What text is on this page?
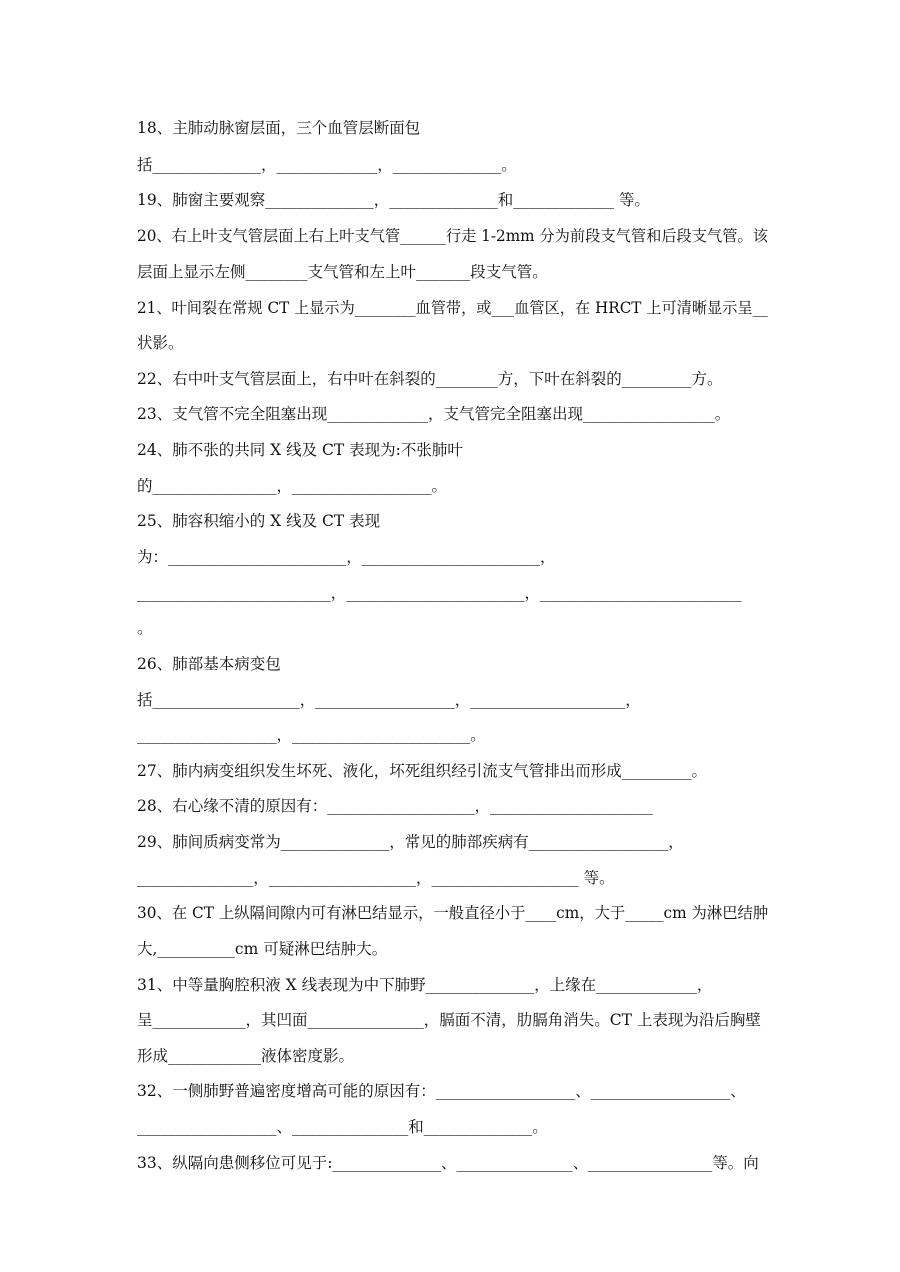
18、主肺动脉窗层面，三个血管层断面包
括______________，_____________，______________。
19、肺窗主要观察______________，______________和_____________ 等。
20、右上叶支气管层面上右上叶支气管______行走 1-2mm 分为前段支气管和后段支气管。该
层面上显示左侧________支气管和左上叶_______段支气管。
21、叶间裂在常规 CT 上显示为________血管带，或___血管区，在 HRCT 上可清晰显示呈__
状影。
22、右中叶支气管层面上，右中叶在斜裂的________方，下叶在斜裂的_________方。
23、支气管不完全阻塞出现_____________，支气管完全阻塞出现_________________。
24、肺不张的共同 X 线及 CT 表现为:不张肺叶
的________________，__________________。
25、肺容积缩小的 X 线及 CT 表现
为：_______________________，_______________________，
_________________________，_______________________，__________________________
。
26、肺部基本病变包
括___________________，__________________，____________________，
__________________，_______________________。
27、肺内病变组织发生坏死、液化，坏死组织经引流支气管排出而形成_________。
28、右心缘不清的原因有：___________________，_____________________
29、肺间质病变常为______________，常见的肺部疾病有__________________，
_______________，___________________，___________________ 等。
30、在 CT 上纵隔间隙内可有淋巴结显示，一般直径小于____cm，大于_____cm 为淋巴结肿
大,__________cm 可疑淋巴结肿大。
31、中等量胸腔积液 X 线表现为中下肺野______________，上缘在_____________，
呈____________，其凹面_______________，膈面不清，肋膈角消失。CT 上表现为沿后胸壁
形成____________液体密度影。
32、一侧肺野普遍密度增高可能的原因有：__________________、__________________、
__________________、_______________和______________。
33、纵隔向患侧移位可见于:______________、_______________、________________等。向
